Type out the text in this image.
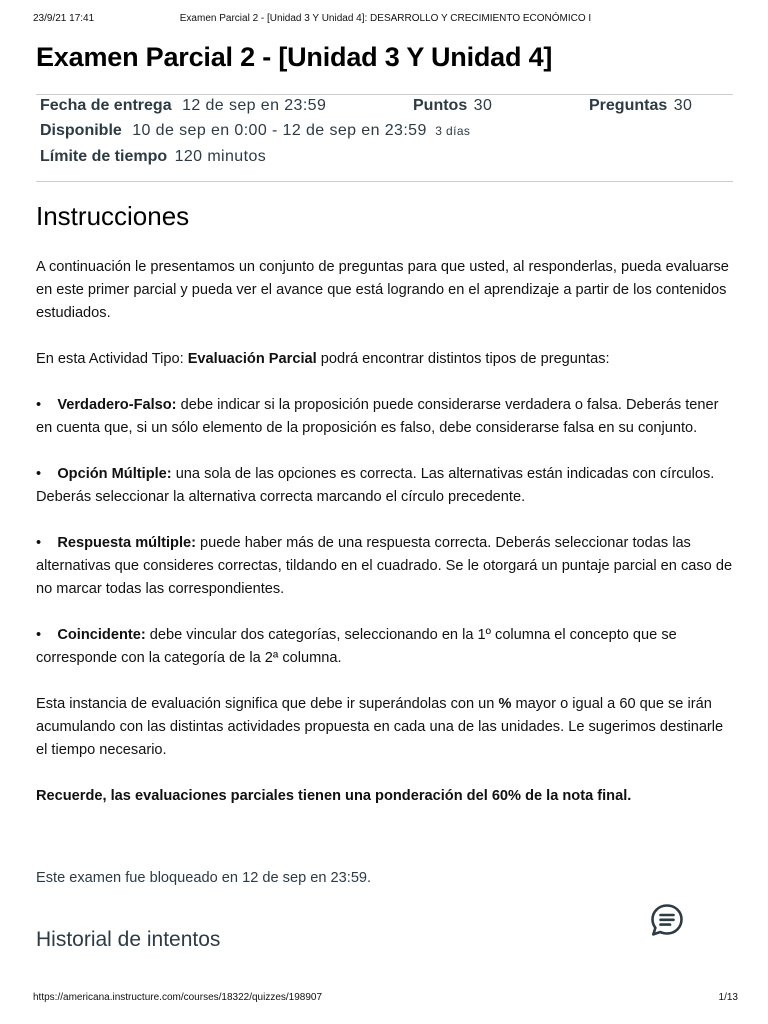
23/9/21 17:41	Examen Parcial 2 - [Unidad 3 Y Unidad 4]: DESARROLLO Y CRECIMIENTO ECONÓMICO I
Examen Parcial 2 - [Unidad 3 Y Unidad 4]
Fecha de entrega 12 de sep en 23:59	Puntos 30	Preguntas 30
Disponible 10 de sep en 0:00 - 12 de sep en 23:59 3 días
Límite de tiempo 120 minutos
Instrucciones

A continuación le presentamos un conjunto de preguntas para que usted, al responderlas, pueda evaluarse en este primer parcial y pueda ver el avance que está logrando en el aprendizaje a partir de los contenidos estudiados.

En esta Actividad Tipo: Evaluación Parcial podrá encontrar distintos tipos de preguntas:

• Verdadero-Falso: debe indicar si la proposición puede considerarse verdadera o falsa. Deberás tener en cuenta que, si un sólo elemento de la proposición es falso, debe considerarse falsa en su conjunto.

• Opción Múltiple: una sola de las opciones es correcta. Las alternativas están indicadas con círculos. Deberás seleccionar la alternativa correcta marcando el círculo precedente.

• Respuesta múltiple: puede haber más de una respuesta correcta. Deberás seleccionar todas las alternativas que consideres correctas, tildando en el cuadrado. Se le otorgará un puntaje parcial en caso de no marcar todas las correspondientes.

• Coincidente: debe vincular dos categorías, seleccionando en la 1º columna el concepto que se corresponde con la categoría de la 2ª columna.

Esta instancia de evaluación significa que debe ir superándolas con un % mayor o igual a 60 que se irán acumulando con las distintas actividades propuesta en cada una de las unidades. Le sugerimos destinarle el tiempo necesario.

Recuerde, las evaluaciones parciales tienen una ponderación del 60% de la nota final.

Este examen fue bloqueado en 12 de sep en 23:59.
Historial de intentos
https://americana.instructure.com/courses/18322/quizzes/198907	1/13
